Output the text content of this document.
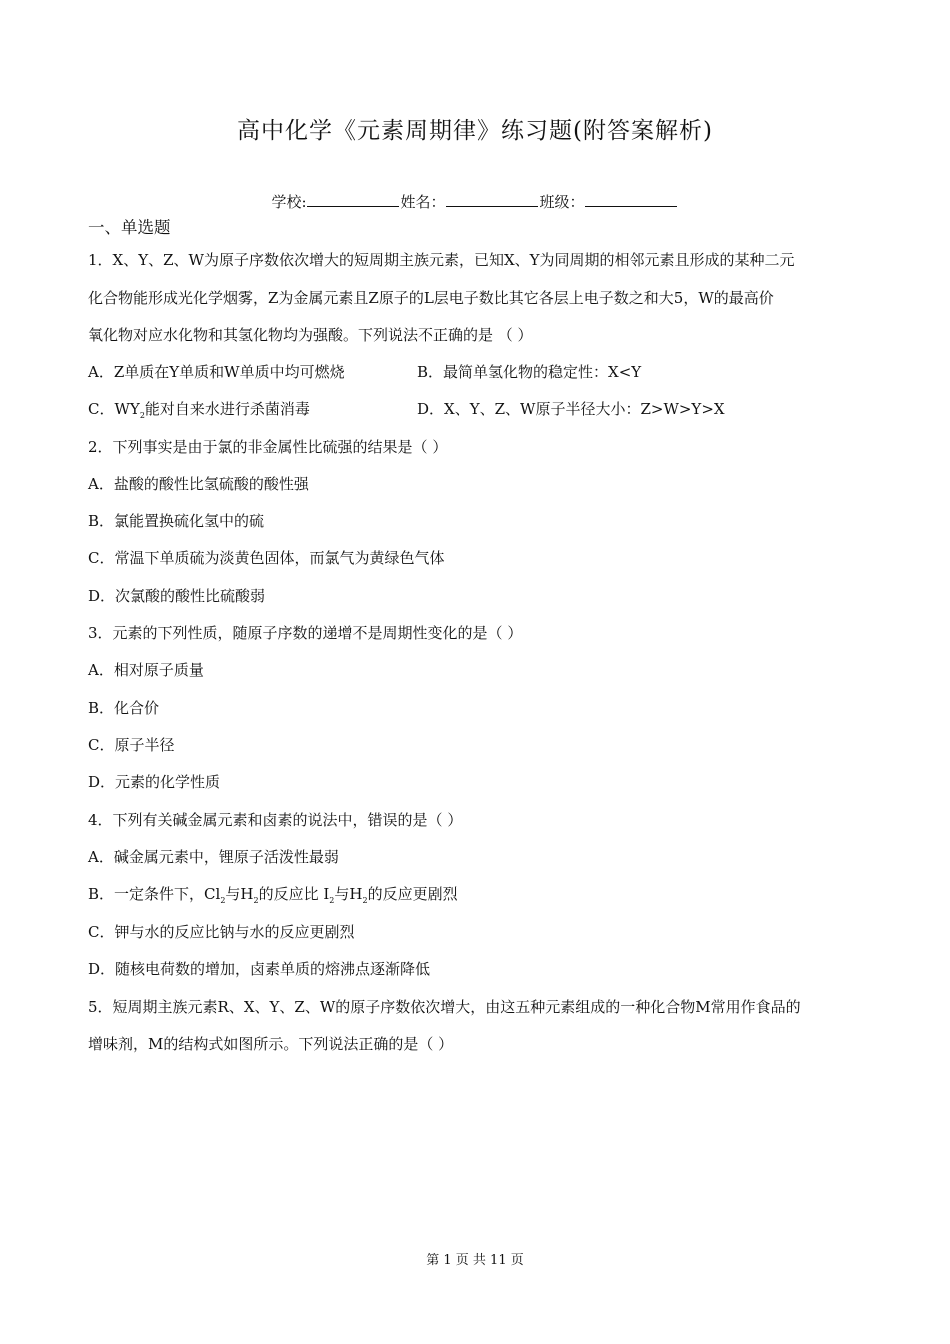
高中化学《元素周期律》练习题(附答案解析)
学校:	姓名：	班级：
一、单选题
1．X、Y、Z、W为原子序数依次增大的短周期主族元素，已知X、Y为同周期的相邻元素且形成的某种二元
化合物能形成光化学烟雾，Z为金属元素且Z原子的L层电子数比其它各层上电子数之和大5，W的最高价
氧化物对应水化物和其氢化物均为强酸。下列说法不正确的是 （ ）
A．Z单质在Y单质和W单质中均可燃烧	B．最简单氢化物的稳定性：X<Y
C．$WY_2$能对自来水进行杀菌消毒	D．X、Y、Z、W原子半径大小：Z>W>Y>X
2．下列事实是由于氯的非金属性比硫强的结果是（ ）
A．盐酸的酸性比氢硫酸的酸性强
B．氯能置换硫化氢中的硫
C．常温下单质硫为淡黄色固体，而氯气为黄绿色气体
D．次氯酸的酸性比硫酸弱
3．元素的下列性质，随原子序数的递增不是周期性变化的是（ ）
A．相对原子质量
B．化合价
C．原子半径
D．元素的化学性质
4．下列有关碱金属元素和卤素的说法中，错误的是（ ）
A．碱金属元素中，锂原子活泼性最弱
B．一定条件下，$Cl_2$与$H_2$的反应比 $I_2$与$H_2$的反应更剧烈
C．钾与水的反应比钠与水的反应更剧烈
D．随核电荷数的增加，卤素单质的熔沸点逐渐降低
5．短周期主族元素R、X、Y、Z、W的原子序数依次增大，由这五种元素组成的一种化合物M常用作食品的
增味剂，M的结构式如图所示。下列说法正确的是（ ）
第 1 页 共 11 页
